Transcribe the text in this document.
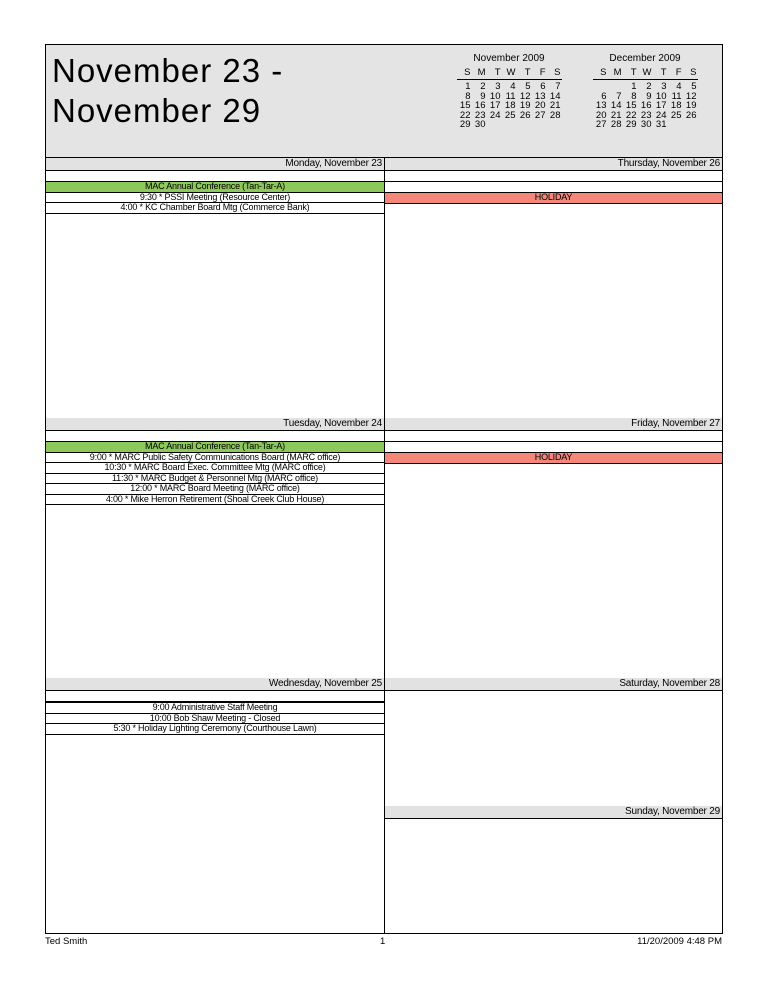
November 23 -
November 29
November 2009
S	M	T	W	T	F	S
1	2	3	4	5	6	7
8	9	10	11	12	13	14
15	16	17	18	19	20	21
22	23	24	25	26	27	28
29	30					
December 2009
S	M	T	W	T	F	S
		1	2	3	4	5
6	7	8	9	10	11	12
13	14	15	16	17	18	19
20	21	22	23	24	25	26
27	28	29	30	31		
Monday, November 23
MAC Annual Conference (Tan-Tar-A)
9:30 * PSSI Meeting (Resource Center)
4:00 * KC Chamber Board Mtg (Commerce Bank)
Tuesday, November 24
MAC Annual Conference (Tan-Tar-A)
9:00 * MARC Public Safety Communications Board (MARC office)
10:30 * MARC Board Exec. Committee Mtg (MARC office)
11:30 * MARC Budget & Personnel Mtg (MARC office)
12:00 * MARC Board Meeting (MARC office)
4:00 * Mike Herron Retirement (Shoal Creek Club House)
Wednesday, November 25
9:00 Administrative Staff Meeting
10:00 Bob Shaw Meeting - Closed
5:30 * Holiday Lighting Ceremony (Courthouse Lawn)
Thursday, November 26
HOLIDAY
Friday, November 27
HOLIDAY
Saturday, November 28
Sunday, November 29
Ted Smith	1	11/20/2009 4:48 PM
